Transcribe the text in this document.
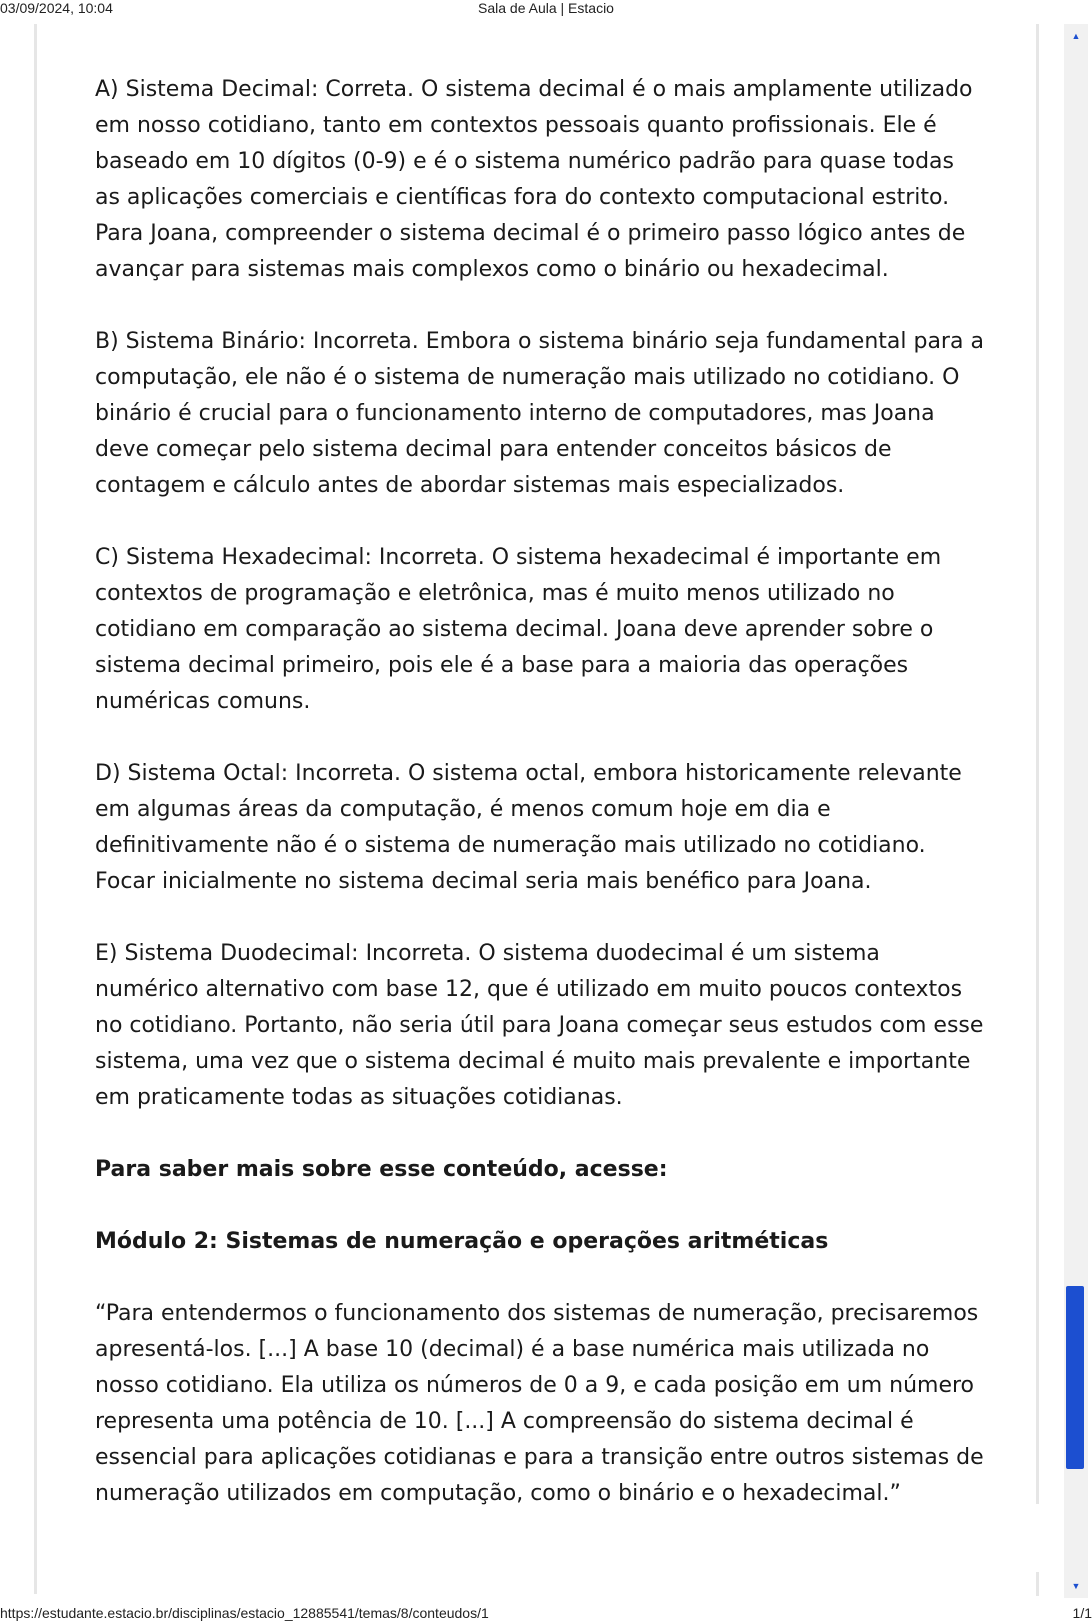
Sala de Aula | Estacio
03/09/2024, 10:04

A) Sistema Decimal: Correta. O sistema decimal é o mais amplamente utilizado em nosso cotidiano, tanto em contextos pessoais quanto profissionais. Ele é baseado em 10 dígitos (0-9) e é o sistema numérico padrão para quase todas as aplicações comerciais e científicas fora do contexto computacional estrito. Para Joana, compreender o sistema decimal é o primeiro passo lógico antes de avançar para sistemas mais complexos como o binário ou hexadecimal.

B) Sistema Binário: Incorreta. Embora o sistema binário seja fundamental para a computação, ele não é o sistema de numeração mais utilizado no cotidiano. O binário é crucial para o funcionamento interno de computadores, mas Joana deve começar pelo sistema decimal para entender conceitos básicos de contagem e cálculo antes de abordar sistemas mais especializados.

C) Sistema Hexadecimal: Incorreta. O sistema hexadecimal é importante em contextos de programação e eletrônica, mas é muito menos utilizado no cotidiano em comparação ao sistema decimal. Joana deve aprender sobre o sistema decimal primeiro, pois ele é a base para a maioria das operações numéricas comuns.

D) Sistema Octal: Incorreta. O sistema octal, embora historicamente relevante em algumas áreas da computação, é menos comum hoje em dia e definitivamente não é o sistema de numeração mais utilizado no cotidiano. Focar inicialmente no sistema decimal seria mais benéfico para Joana.

E) Sistema Duodecimal: Incorreta. O sistema duodecimal é um sistema numérico alternativo com base 12, que é utilizado em muito poucos contextos no cotidiano. Portanto, não seria útil para Joana começar seus estudos com esse sistema, uma vez que o sistema decimal é muito mais prevalente e importante em praticamente todas as situações cotidianas.

Para saber mais sobre esse conteúdo, acesse:

Módulo 2: Sistemas de numeração e operações aritméticas

“Para entendermos o funcionamento dos sistemas de numeração, precisaremos apresentá-los. [...] A base 10 (decimal) é a base numérica mais utilizada no nosso cotidiano. Ela utiliza os números de 0 a 9, e cada posição em um número representa uma potência de 10. [...] A compreensão do sistema decimal é essencial para aplicações cotidianas e para a transição entre outros sistemas de numeração utilizados em computação, como o binário e o hexadecimal.”

▲
▼
https://estudante.estacio.br/disciplinas/estacio_12885541/temas/8/conteudos/1	1/1
